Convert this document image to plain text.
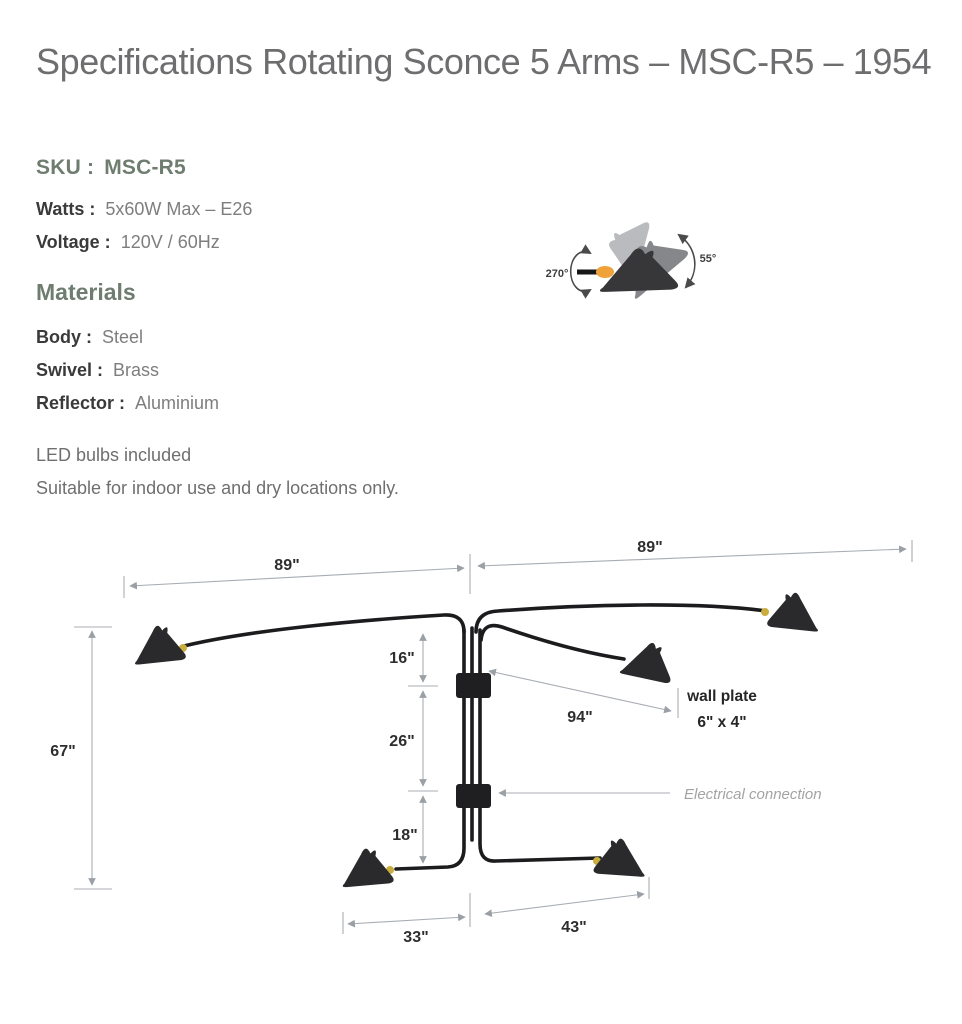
Specifications Rotating Sconce 5 Arms – MSC-R5 – 1954
SKU : MSC-R5
Watts : 5x60W Max – E26
Voltage : 120V / 60Hz
Materials
Body : Steel
Swivel : Brass
Reflector : Aluminium
LED bulbs included
Suitable for indoor use and dry locations only.
270°
55°
89"
89"
67"
16"
26"
18"
94"
wall plate
6" x 4"
Electrical connection
33"
43"
